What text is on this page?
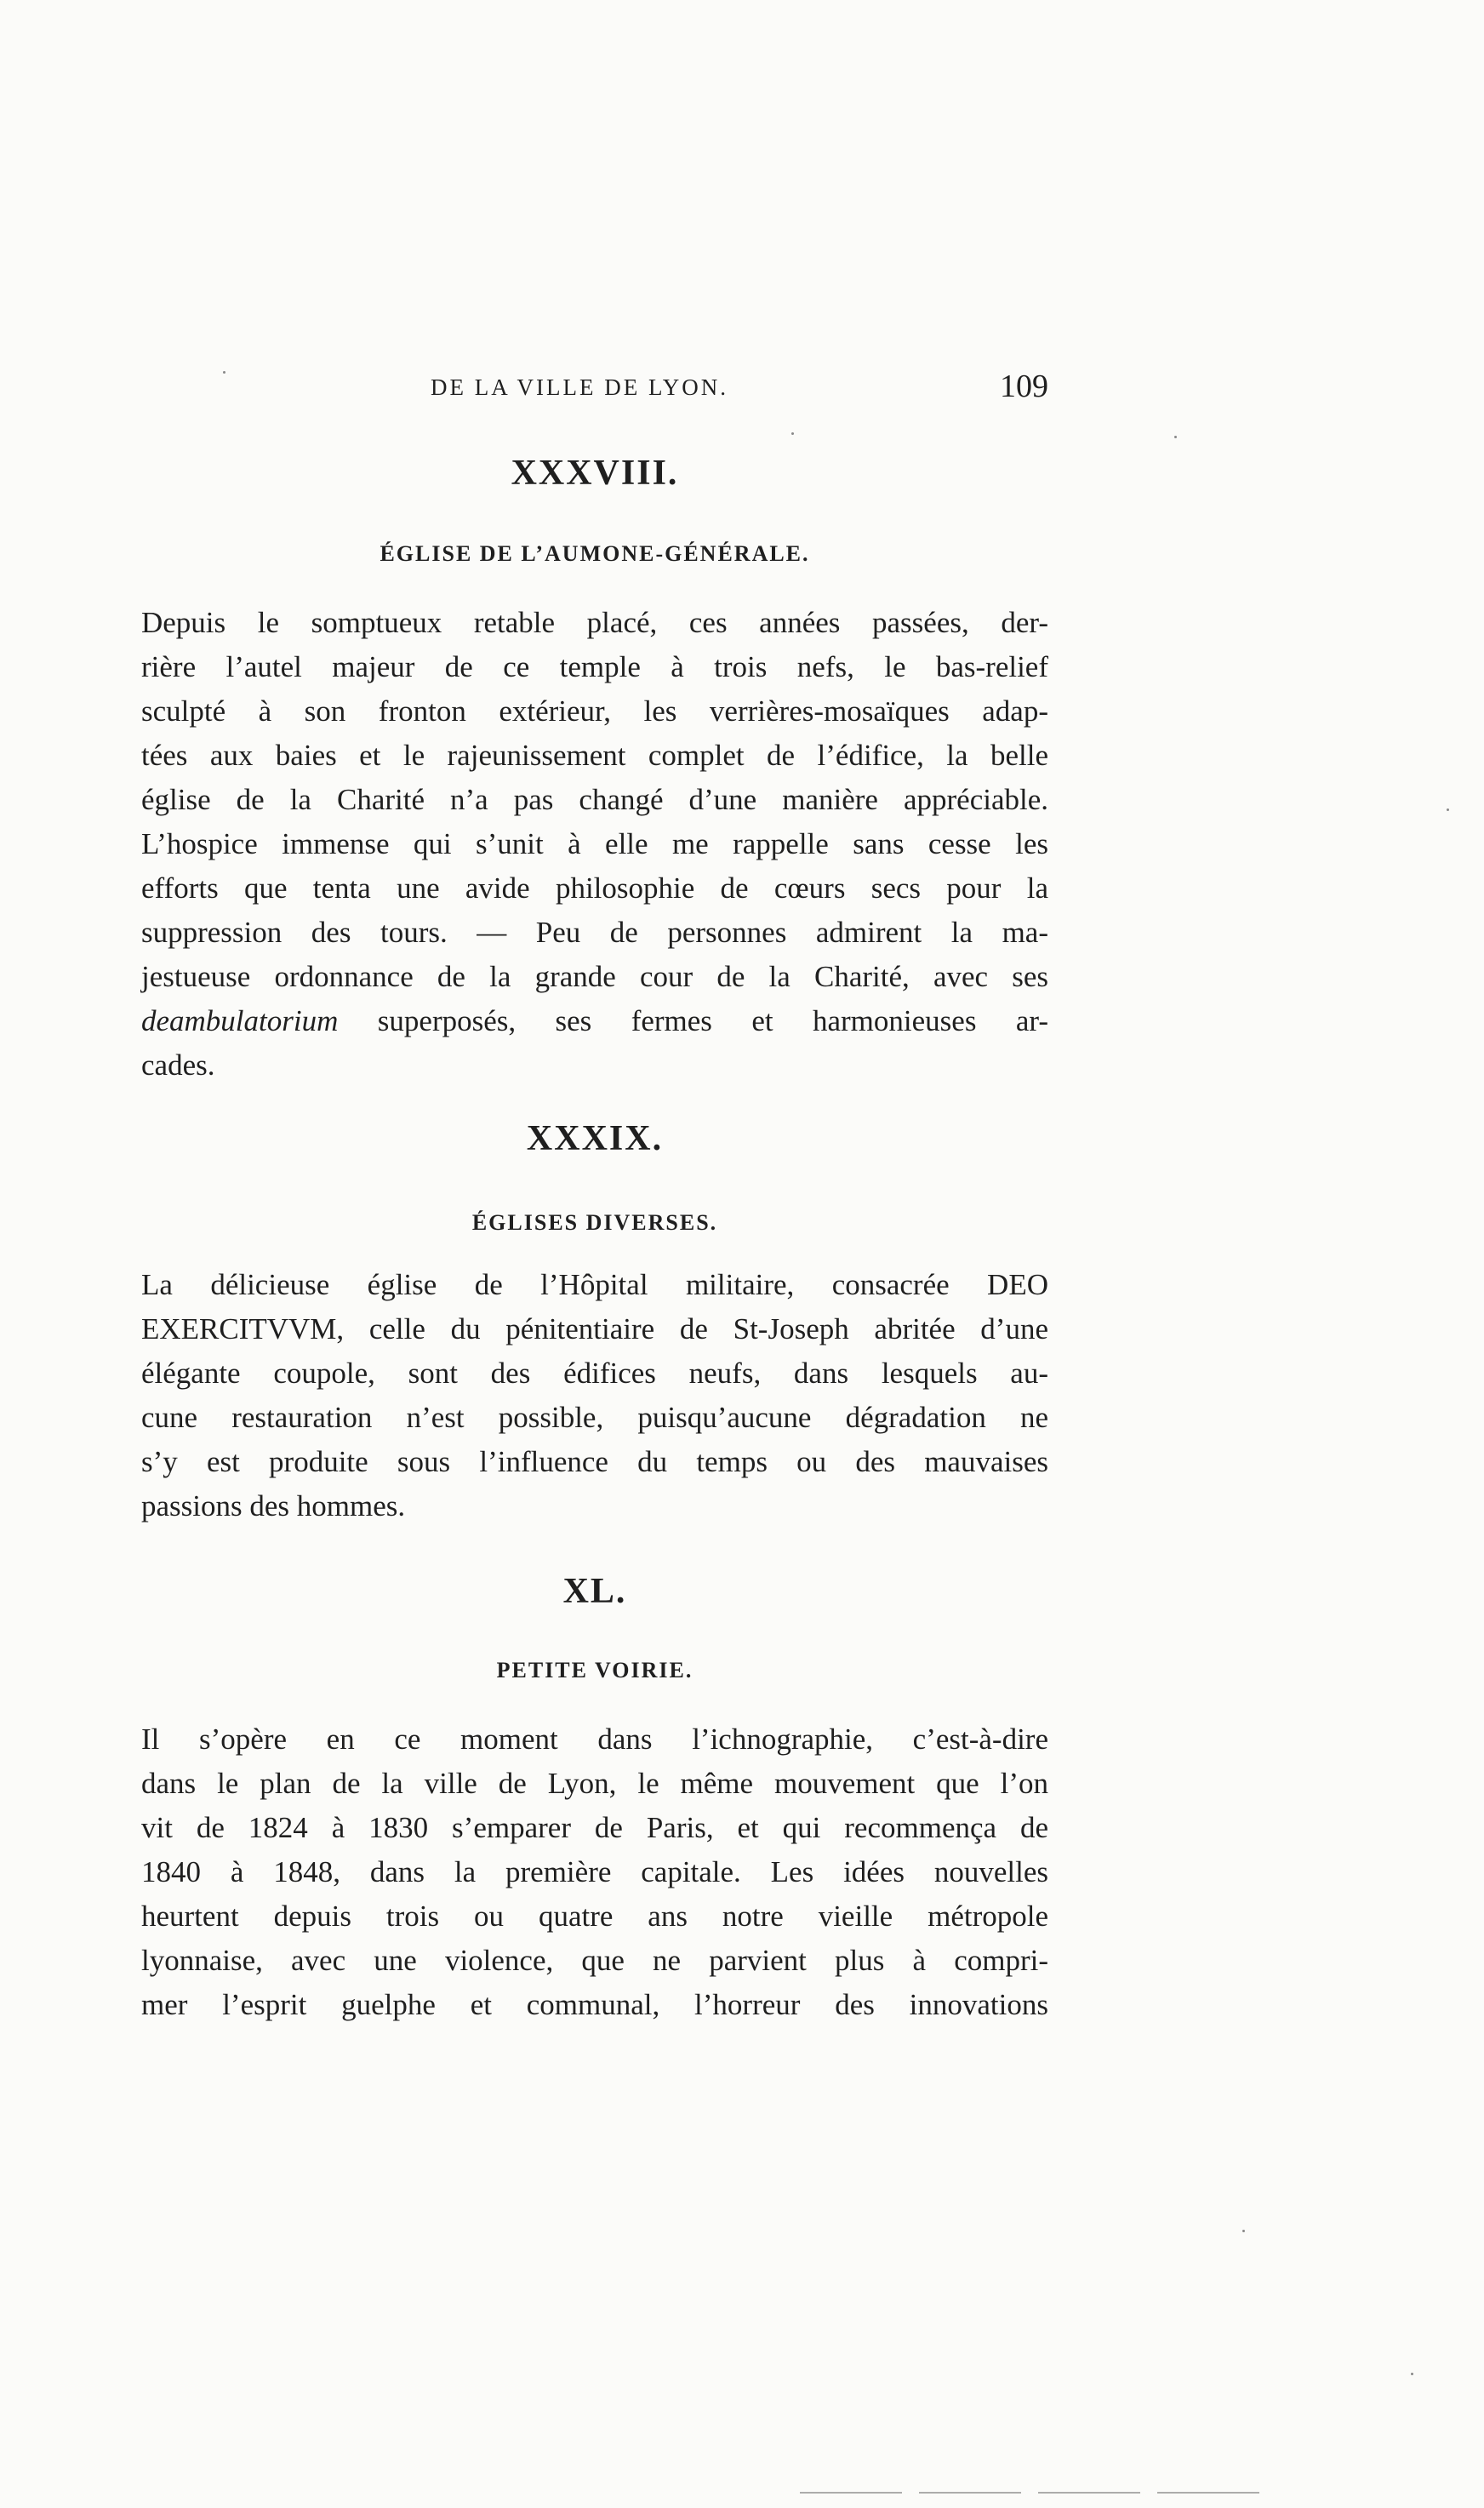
DE LA VILLE DE LYON.	109
XXXVIII.
ÉGLISE DE L’AUMONE-GÉNÉRALE.
Depuis le somptueux retable placé, ces années passées, der-
rière l’autel majeur de ce temple à trois nefs, le bas-relief
sculpté à son fronton extérieur, les verrières-mosaïques adap-
tées aux baies et le rajeunissement complet de l’édifice, la belle
église de la Charité n’a pas changé d’une manière appréciable.
L’hospice immense qui s’unit à elle me rappelle sans cesse les
efforts que tenta une avide philosophie de cœurs secs pour la
suppression des tours. — Peu de personnes admirent la ma-
jestueuse ordonnance de la grande cour de la Charité, avec ses
deambulatorium superposés, ses fermes et harmonieuses ar-
cades.
XXXIX.
ÉGLISES DIVERSES.
La délicieuse église de l’Hôpital militaire, consacrée DEO
EXERCITVVM, celle du pénitentiaire de St-Joseph abritée d’une
élégante coupole, sont des édifices neufs, dans lesquels au-
cune restauration n’est possible, puisqu’aucune dégradation ne
s’y est produite sous l’influence du temps ou des mauvaises
passions des hommes.
XL.
PETITE VOIRIE.
Il s’opère en ce moment dans l’ichnographie, c’est-à-dire
dans le plan de la ville de Lyon, le même mouvement que l’on
vit de 1824 à 1830 s’emparer de Paris, et qui recommença de
1840 à 1848, dans la première capitale. Les idées nouvelles
heurtent depuis trois ou quatre ans notre vieille métropole
lyonnaise, avec une violence, que ne parvient plus à compri-
mer l’esprit guelphe et communal, l’horreur des innovations
